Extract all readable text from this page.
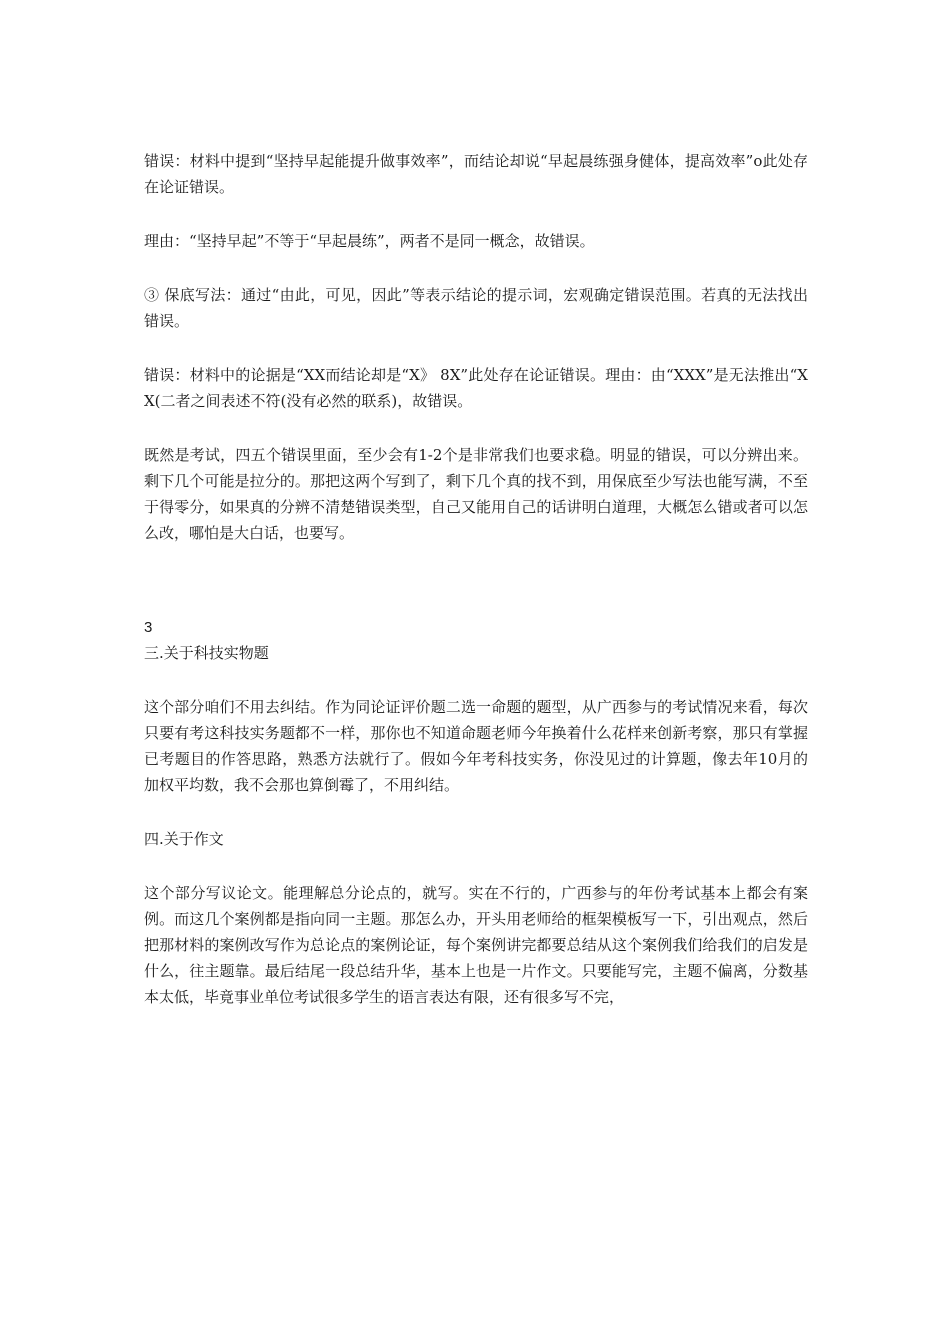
错误：材料中提到“坚持早起能提升做事效率”，而结论却说“早起晨练强身健体，提高效率”o此处存在论证错误。

理由：“坚持早起”不等于“早起晨练”，两者不是同一概念，故错误。

③ 保底写法：通过“由此，可见，因此”等表示结论的提示词，宏观确定错误范围。若真的无法找出错误。

错误：材料中的论据是“XX而结论却是“X》 8X”此处存在论证错误。理由：由“XXX”是无法推出“XX(二者之间表述不符(没有必然的联系)，故错误。

既然是考试，四五个错误里面，至少会有1-2个是非常我们也要求稳。明显的错误，可以分辨出来。剩下几个可能是拉分的。那把这两个写到了，剩下几个真的找不到，用保底至少写法也能写满，不至于得零分，如果真的分辨不清楚错误类型，自己又能用自己的话讲明白道理，大概怎么错或者可以怎么改，哪怕是大白话，也要写。

3

三.关于科技实物题

这个部分咱们不用去纠结。作为同论证评价题二选一命题的题型，从广西参与的考试情况来看，每次只要有考这科技实务题都不一样，那你也不知道命题老师今年换着什么花样来创新考察，那只有掌握已考题目的作答思路，熟悉方法就行了。假如今年考科技实务，你没见过的计算题，像去年10月的加权平均数，我不会那也算倒霉了，不用纠结。

四.关于作文

这个部分写议论文。能理解总分论点的，就写。实在不行的，广西参与的年份考试基本上都会有案例。而这几个案例都是指向同一主题。那怎么办，开头用老师给的框架模板写一下，引出观点，然后把那材料的案例改写作为总论点的案例论证，每个案例讲完都要总结从这个案例我们给我们的启发是什么，往主题靠。最后结尾一段总结升华，基本上也是一片作文。只要能写完，主题不偏离，分数基本太低，毕竟事业单位考试很多学生的语言表达有限，还有很多写不完，
